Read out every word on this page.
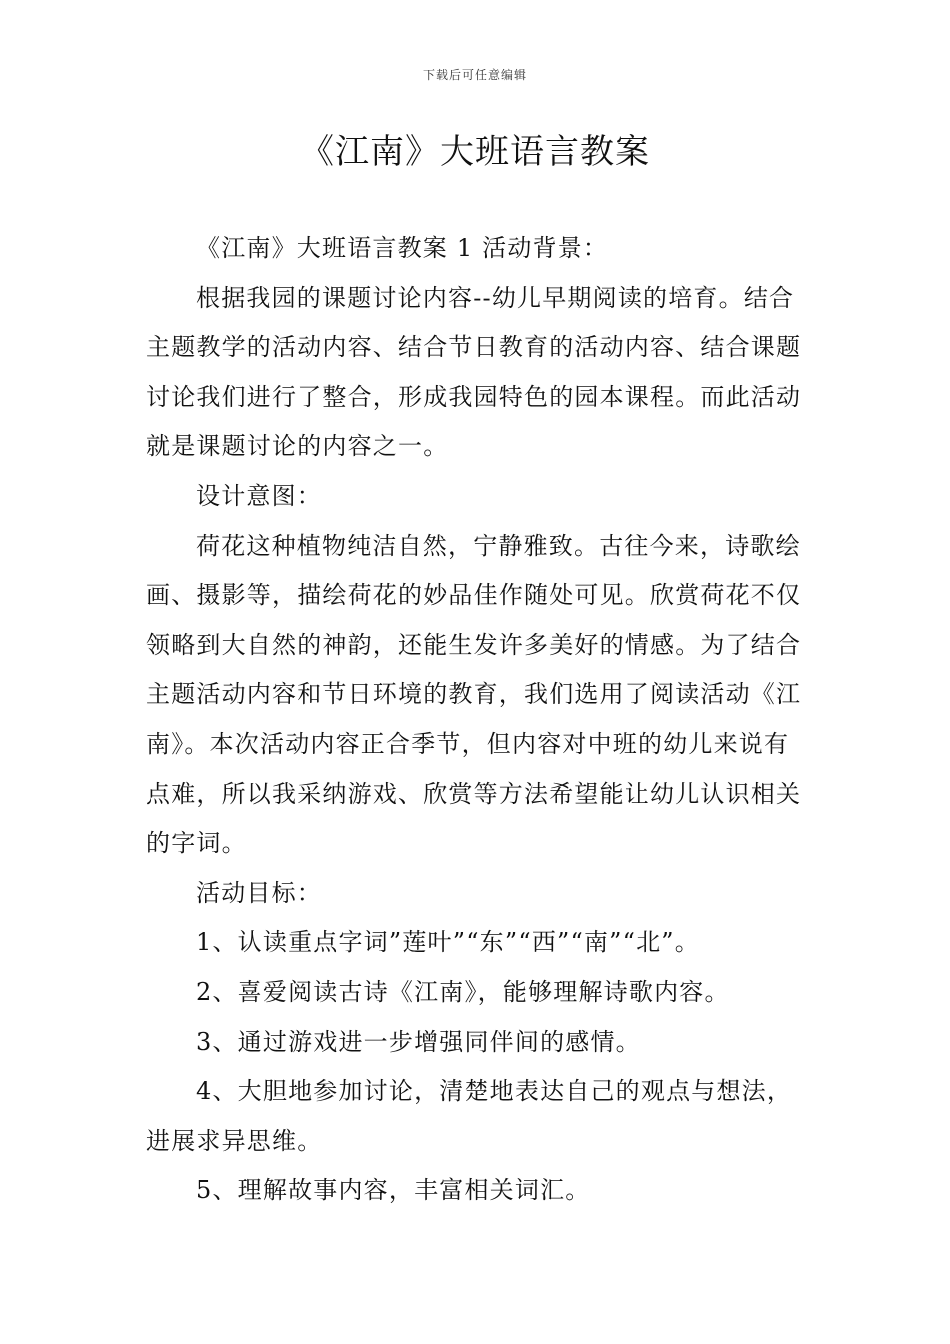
下载后可任意编辑
《江南》大班语言教案

《江南》大班语言教案 1 活动背景：

根据我园的课题讨论内容--幼儿早期阅读的培育。结合主题教学的活动内容、结合节日教育的活动内容、结合课题讨论我们进行了整合，形成我园特色的园本课程。而此活动就是课题讨论的内容之一。

设计意图：

荷花这种植物纯洁自然，宁静雅致。古往今来，诗歌绘画、摄影等，描绘荷花的妙品佳作随处可见。欣赏荷花不仅领略到大自然的神韵，还能生发许多美好的情感。为了结合主题活动内容和节日环境的教育，我们选用了阅读活动《江南》。本次活动内容正合季节，但内容对中班的幼儿来说有点难，所以我采纳游戏、欣赏等方法希望能让幼儿认识相关的字词。

活动目标：

1、认读重点字词”莲叶”“东”“西”“南”“北”。

2、喜爱阅读古诗《江南》，能够理解诗歌内容。

3、通过游戏进一步增强同伴间的感情。

4、大胆地参加讨论，清楚地表达自己的观点与想法，进展求异思维。

5、理解故事内容，丰富相关词汇。
